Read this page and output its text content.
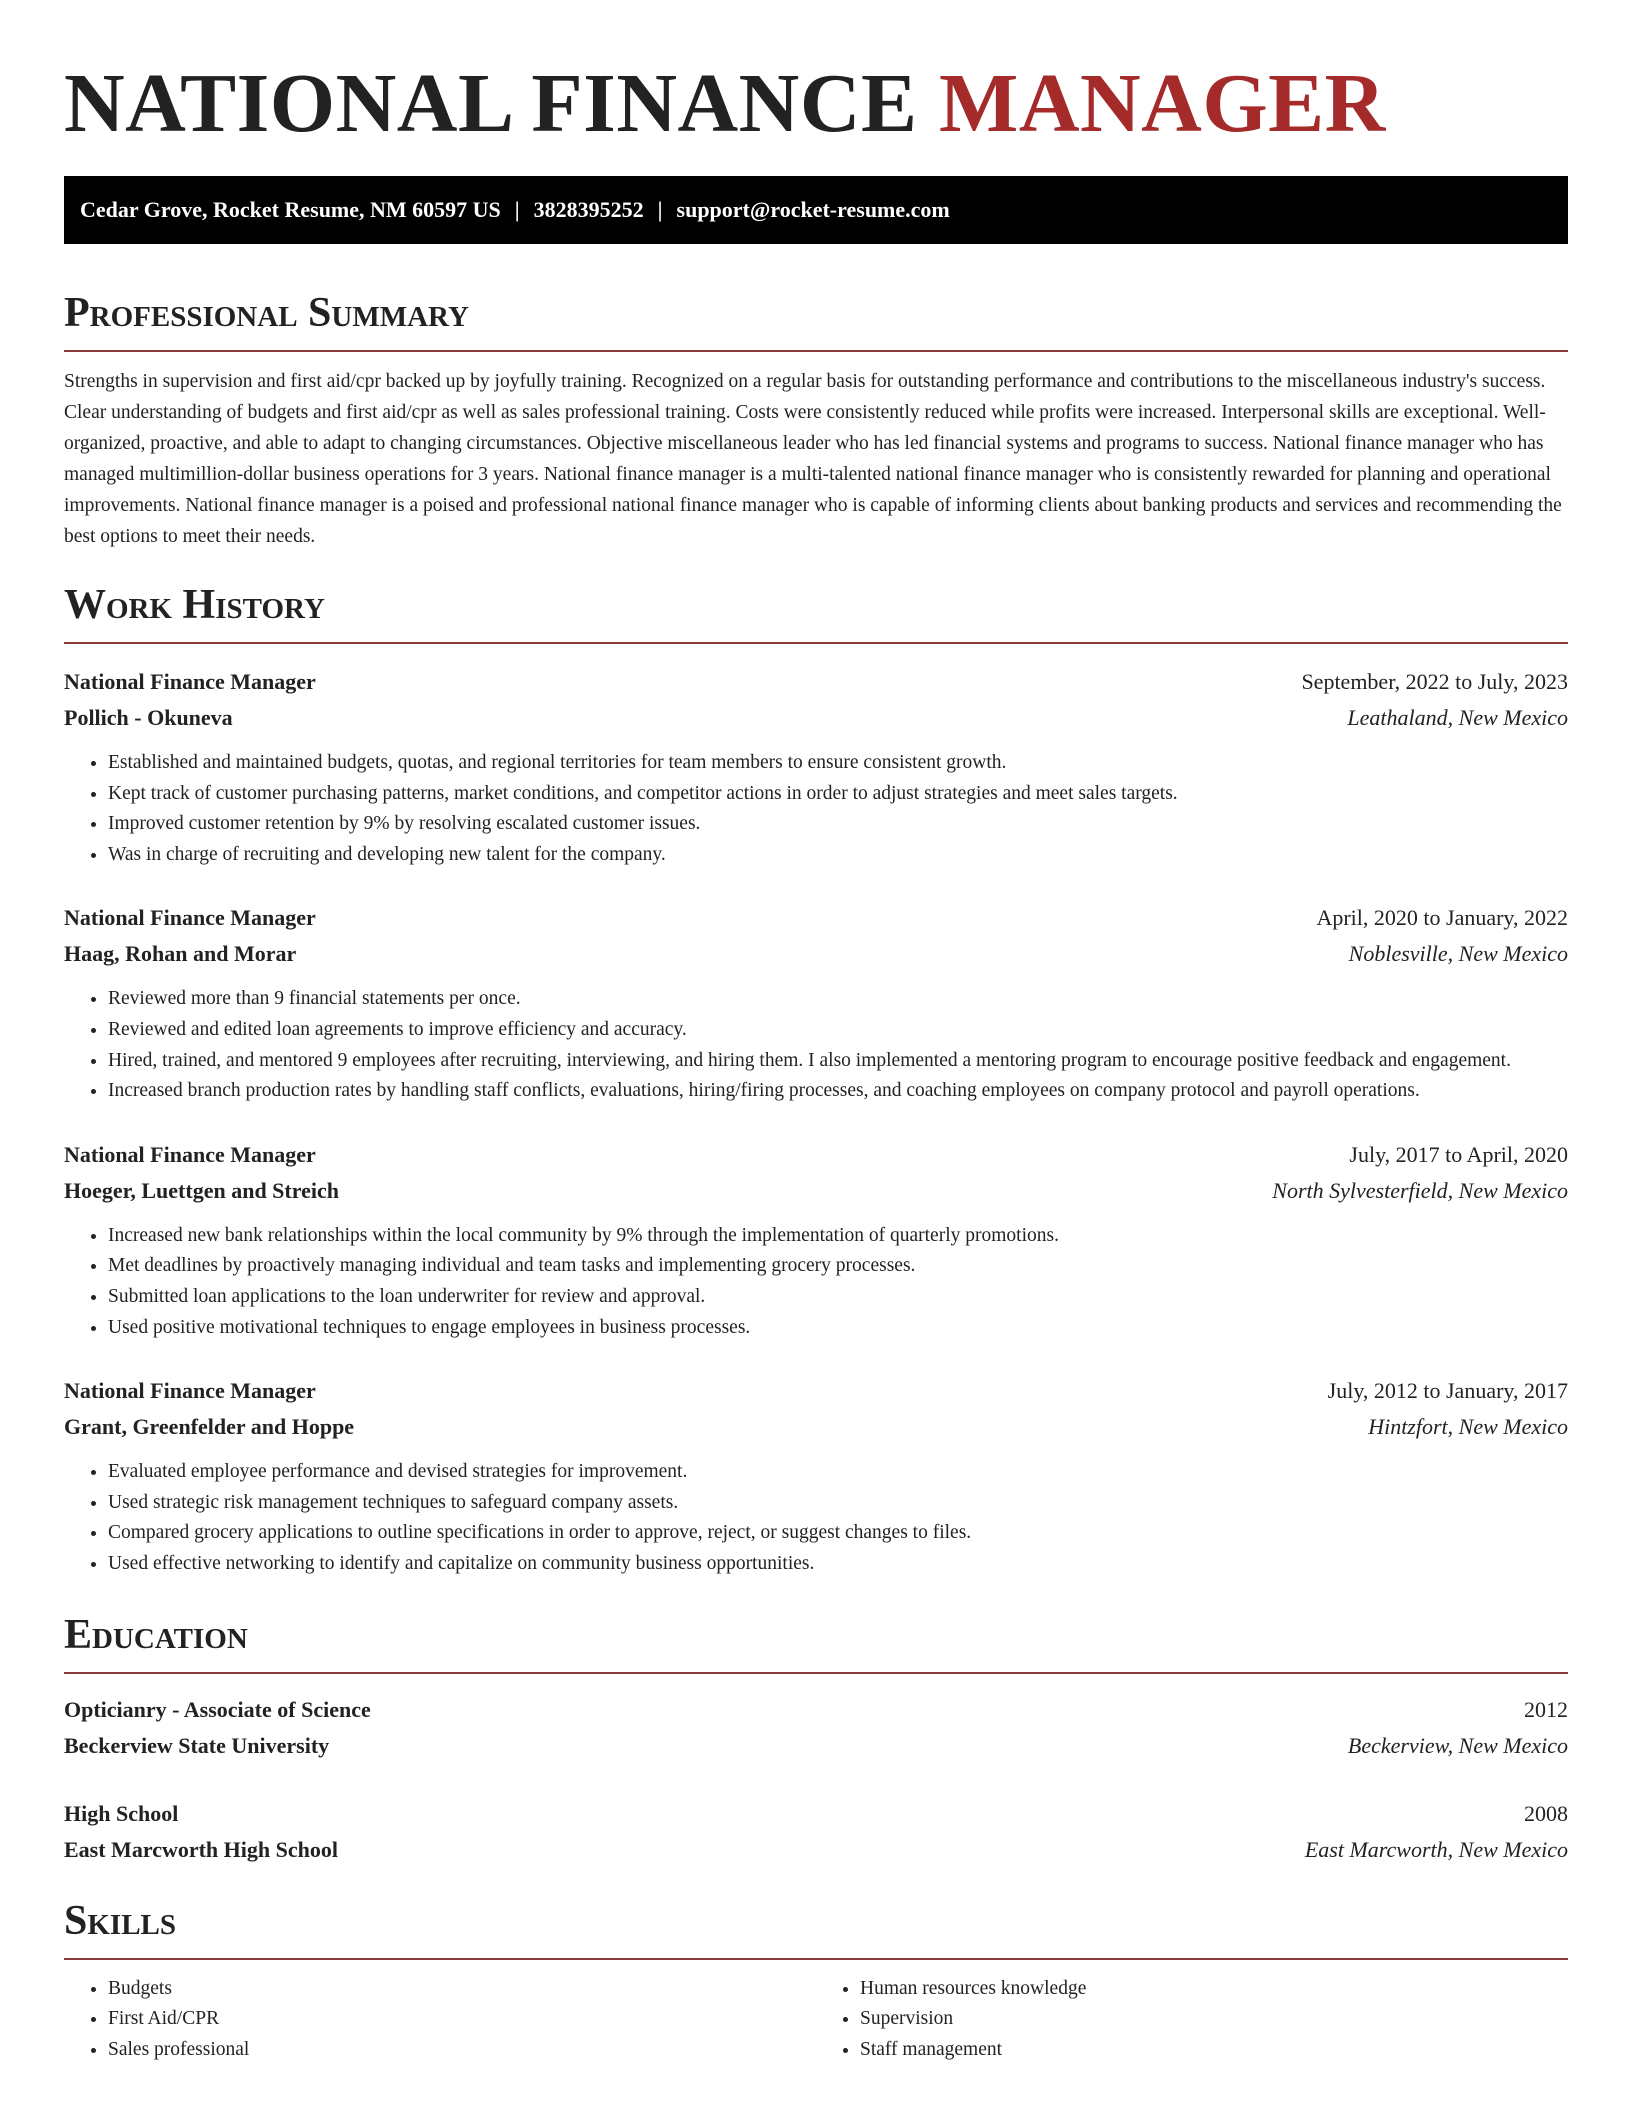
NATIONAL FINANCE MANAGER
Cedar Grove, Rocket Resume, NM 60597 US | 3828395252 | support@rocket-resume.com
Professional Summary

Strengths in supervision and first aid/cpr backed up by joyfully training. Recognized on a regular basis for outstanding performance and contributions to the miscellaneous industry's success. Clear understanding of budgets and first aid/cpr as well as sales professional training. Costs were consistently reduced while profits were increased. Interpersonal skills are exceptional. Well-organized, proactive, and able to adapt to changing circumstances. Objective miscellaneous leader who has led financial systems and programs to success. National finance manager who has managed multimillion-dollar business operations for 3 years. National finance manager is a multi-talented national finance manager who is consistently rewarded for planning and operational improvements. National finance manager is a poised and professional national finance manager who is capable of informing clients about banking products and services and recommending the best options to meet their needs.

Work History
National Finance Manager	September, 2022 to July, 2023
Pollich - Okuneva	Leathaland, New Mexico
• Established and maintained budgets, quotas, and regional territories for team members to ensure consistent growth.
• Kept track of customer purchasing patterns, market conditions, and competitor actions in order to adjust strategies and meet sales targets.
• Improved customer retention by 9% by resolving escalated customer issues.
• Was in charge of recruiting and developing new talent for the company.
National Finance Manager	April, 2020 to January, 2022
Haag, Rohan and Morar	Noblesville, New Mexico
• Reviewed more than 9 financial statements per once.
• Reviewed and edited loan agreements to improve efficiency and accuracy.
• Hired, trained, and mentored 9 employees after recruiting, interviewing, and hiring them. I also implemented a mentoring program to encourage positive feedback and engagement.
• Increased branch production rates by handling staff conflicts, evaluations, hiring/firing processes, and coaching employees on company protocol and payroll operations.
National Finance Manager	July, 2017 to April, 2020
Hoeger, Luettgen and Streich	North Sylvesterfield, New Mexico
• Increased new bank relationships within the local community by 9% through the implementation of quarterly promotions.
• Met deadlines by proactively managing individual and team tasks and implementing grocery processes.
• Submitted loan applications to the loan underwriter for review and approval.
• Used positive motivational techniques to engage employees in business processes.
National Finance Manager	July, 2012 to January, 2017
Grant, Greenfelder and Hoppe	Hintzfort, New Mexico
• Evaluated employee performance and devised strategies for improvement.
• Used strategic risk management techniques to safeguard company assets.
• Compared grocery applications to outline specifications in order to approve, reject, or suggest changes to files.
• Used effective networking to identify and capitalize on community business opportunities.
Education
Opticianry - Associate of Science	2012
Beckerview State University	Beckerview, New Mexico
High School	2008
East Marcworth High School	East Marcworth, New Mexico
Skills
• Budgets
• First Aid/CPR
• Sales professional
• Human resources knowledge
• Supervision
• Staff management
